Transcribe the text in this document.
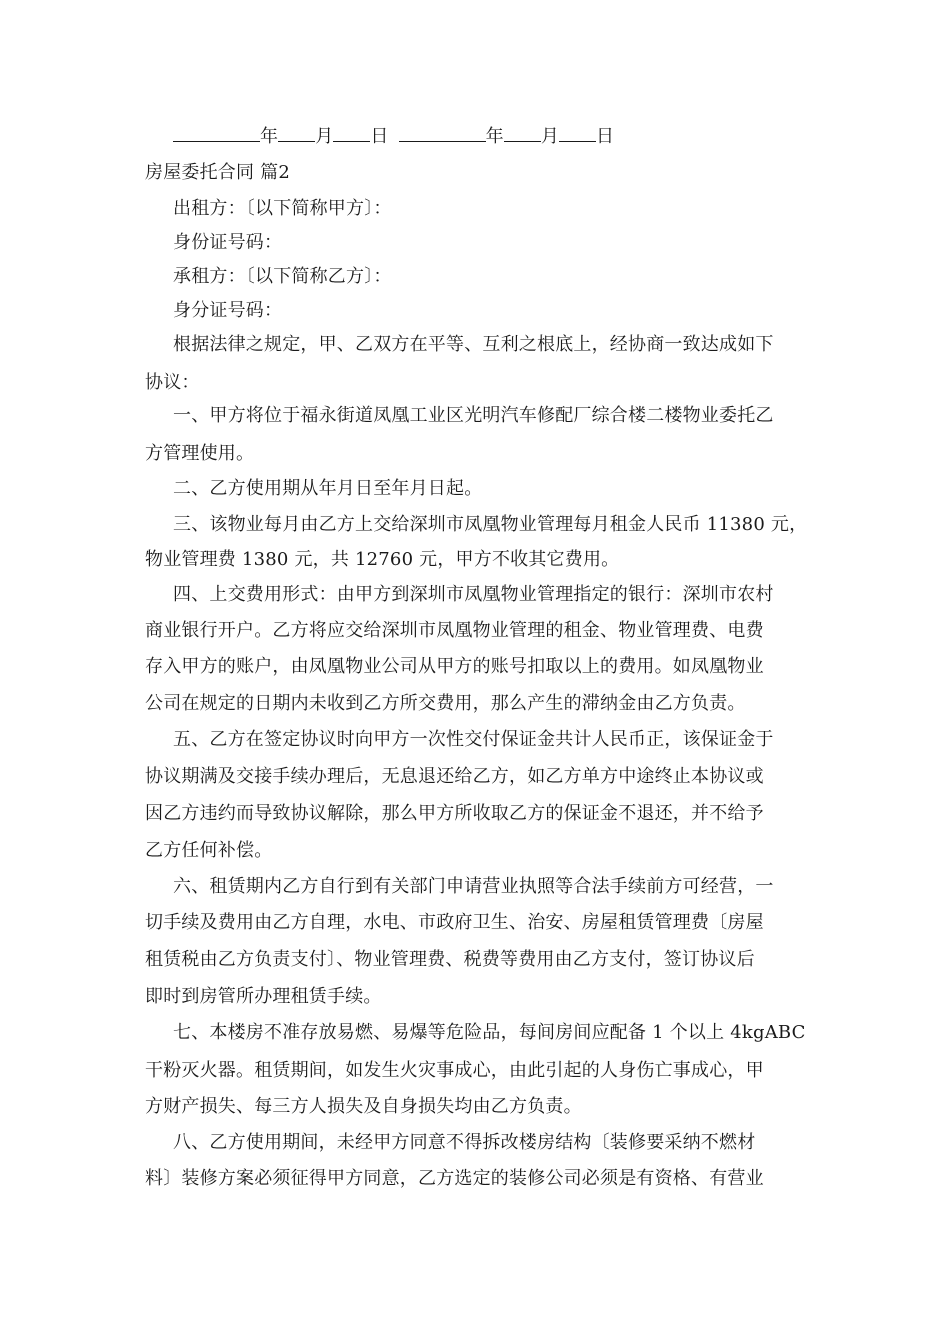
年 月 日	年 月 日
房屋委托合同 篇2
出租方：〔以下简称甲方〕：
身份证号码：
承租方：〔以下简称乙方〕：
身分证号码：
根据法律之规定，甲、乙双方在平等、互利之根底上，经协商一致达成如下
协议：
一、甲方将位于福永街道凤凰工业区光明汽车修配厂综合楼二楼物业委托乙
方管理使用。
二、乙方使用期从年月日至年月日起。
三、该物业每月由乙方上交给深圳市凤凰物业管理每月租金人民币 11380 元，
物业管理费 1380 元，共 12760 元，甲方不收其它费用。
四、上交费用形式：由甲方到深圳市凤凰物业管理指定的银行：深圳市农村
商业银行开户。乙方将应交给深圳市凤凰物业管理的租金、物业管理费、电费
存入甲方的账户，由凤凰物业公司从甲方的账号扣取以上的费用。如凤凰物业
公司在规定的日期内未收到乙方所交费用，那么产生的滞纳金由乙方负责。
五、乙方在签定协议时向甲方一次性交付保证金共计人民币正，该保证金于
协议期满及交接手续办理后，无息退还给乙方，如乙方单方中途终止本协议或
因乙方违约而导致协议解除，那么甲方所收取乙方的保证金不退还，并不给予
乙方任何补偿。
六、租赁期内乙方自行到有关部门申请营业执照等合法手续前方可经营，一
切手续及费用由乙方自理，水电、市政府卫生、治安、房屋租赁管理费〔房屋
租赁税由乙方负责支付〕、物业管理费、税费等费用由乙方支付，签订协议后
即时到房管所办理租赁手续。
七、本楼房不准存放易燃、易爆等危险品，每间房间应配备 1 个以上 4kgABC
干粉灭火器。租赁期间，如发生火灾事成心，由此引起的人身伤亡事成心，甲
方财产损失、每三方人损失及自身损失均由乙方负责。
八、乙方使用期间，未经甲方同意不得拆改楼房结构〔装修要采纳不燃材
料〕装修方案必须征得甲方同意，乙方选定的装修公司必须是有资格、有营业
